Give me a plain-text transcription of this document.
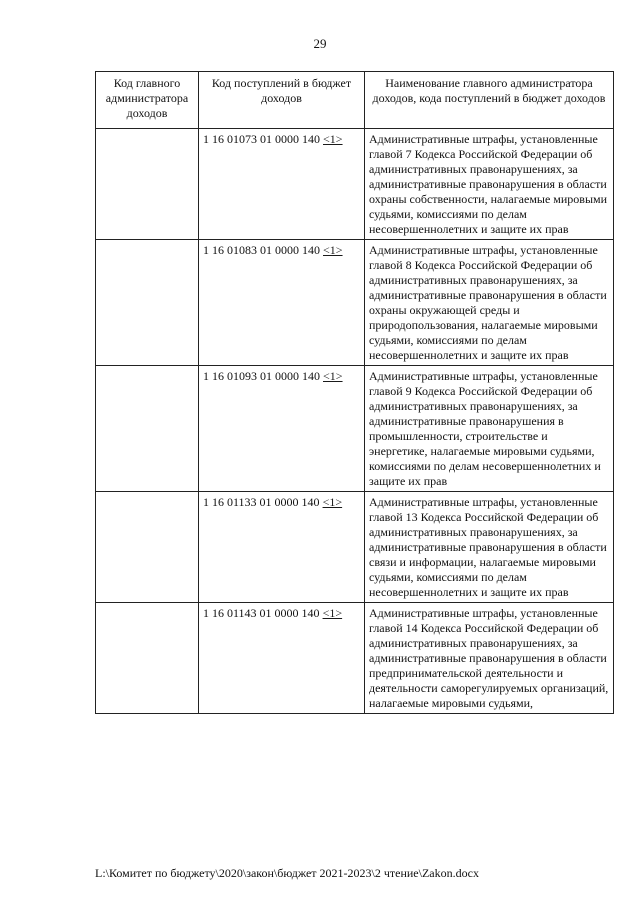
29
Код главного администратора доходов	Код поступлений в бюджет доходов	Наименование главного администратора доходов, кода поступлений в бюджет доходов
	1 16 01073 01 0000 140 <1>	Административные штрафы, установленные главой 7 Кодекса Российской Федерации об административных правонарушениях, за административные правонарушения в области охраны собственности, налагаемые мировыми судьями, комиссиями по делам несовершеннолетних и защите их прав
	1 16 01083 01 0000 140 <1>	Административные штрафы, установленные главой 8 Кодекса Российской Федерации об административных правонарушениях, за административные правонарушения в области охраны окружающей среды и природопользования, налагаемые мировыми судьями, комиссиями по делам несовершеннолетних и защите их прав
	1 16 01093 01 0000 140 <1>	Административные штрафы, установленные главой 9 Кодекса Российской Федерации об административных правонарушениях, за административные правонарушения в промышленности, строительстве и энергетике, налагаемые мировыми судьями, комиссиями по делам несовершеннолетних и защите их прав
	1 16 01133 01 0000 140 <1>	Административные штрафы, установленные главой 13 Кодекса Российской Федерации об административных правонарушениях, за административные правонарушения в области связи и информации, налагаемые мировыми судьями, комиссиями по делам несовершеннолетних и защите их прав
	1 16 01143 01 0000 140 <1>	Административные штрафы, установленные главой 14 Кодекса Российской Федерации об административных правонарушениях, за административные правонарушения в области предпринимательской деятельности и деятельности саморегулируемых организаций, налагаемые мировыми судьями,
L:\Комитет по бюджету\2020\закон\бюджет 2021-2023\2 чтение\Zakon.docx
